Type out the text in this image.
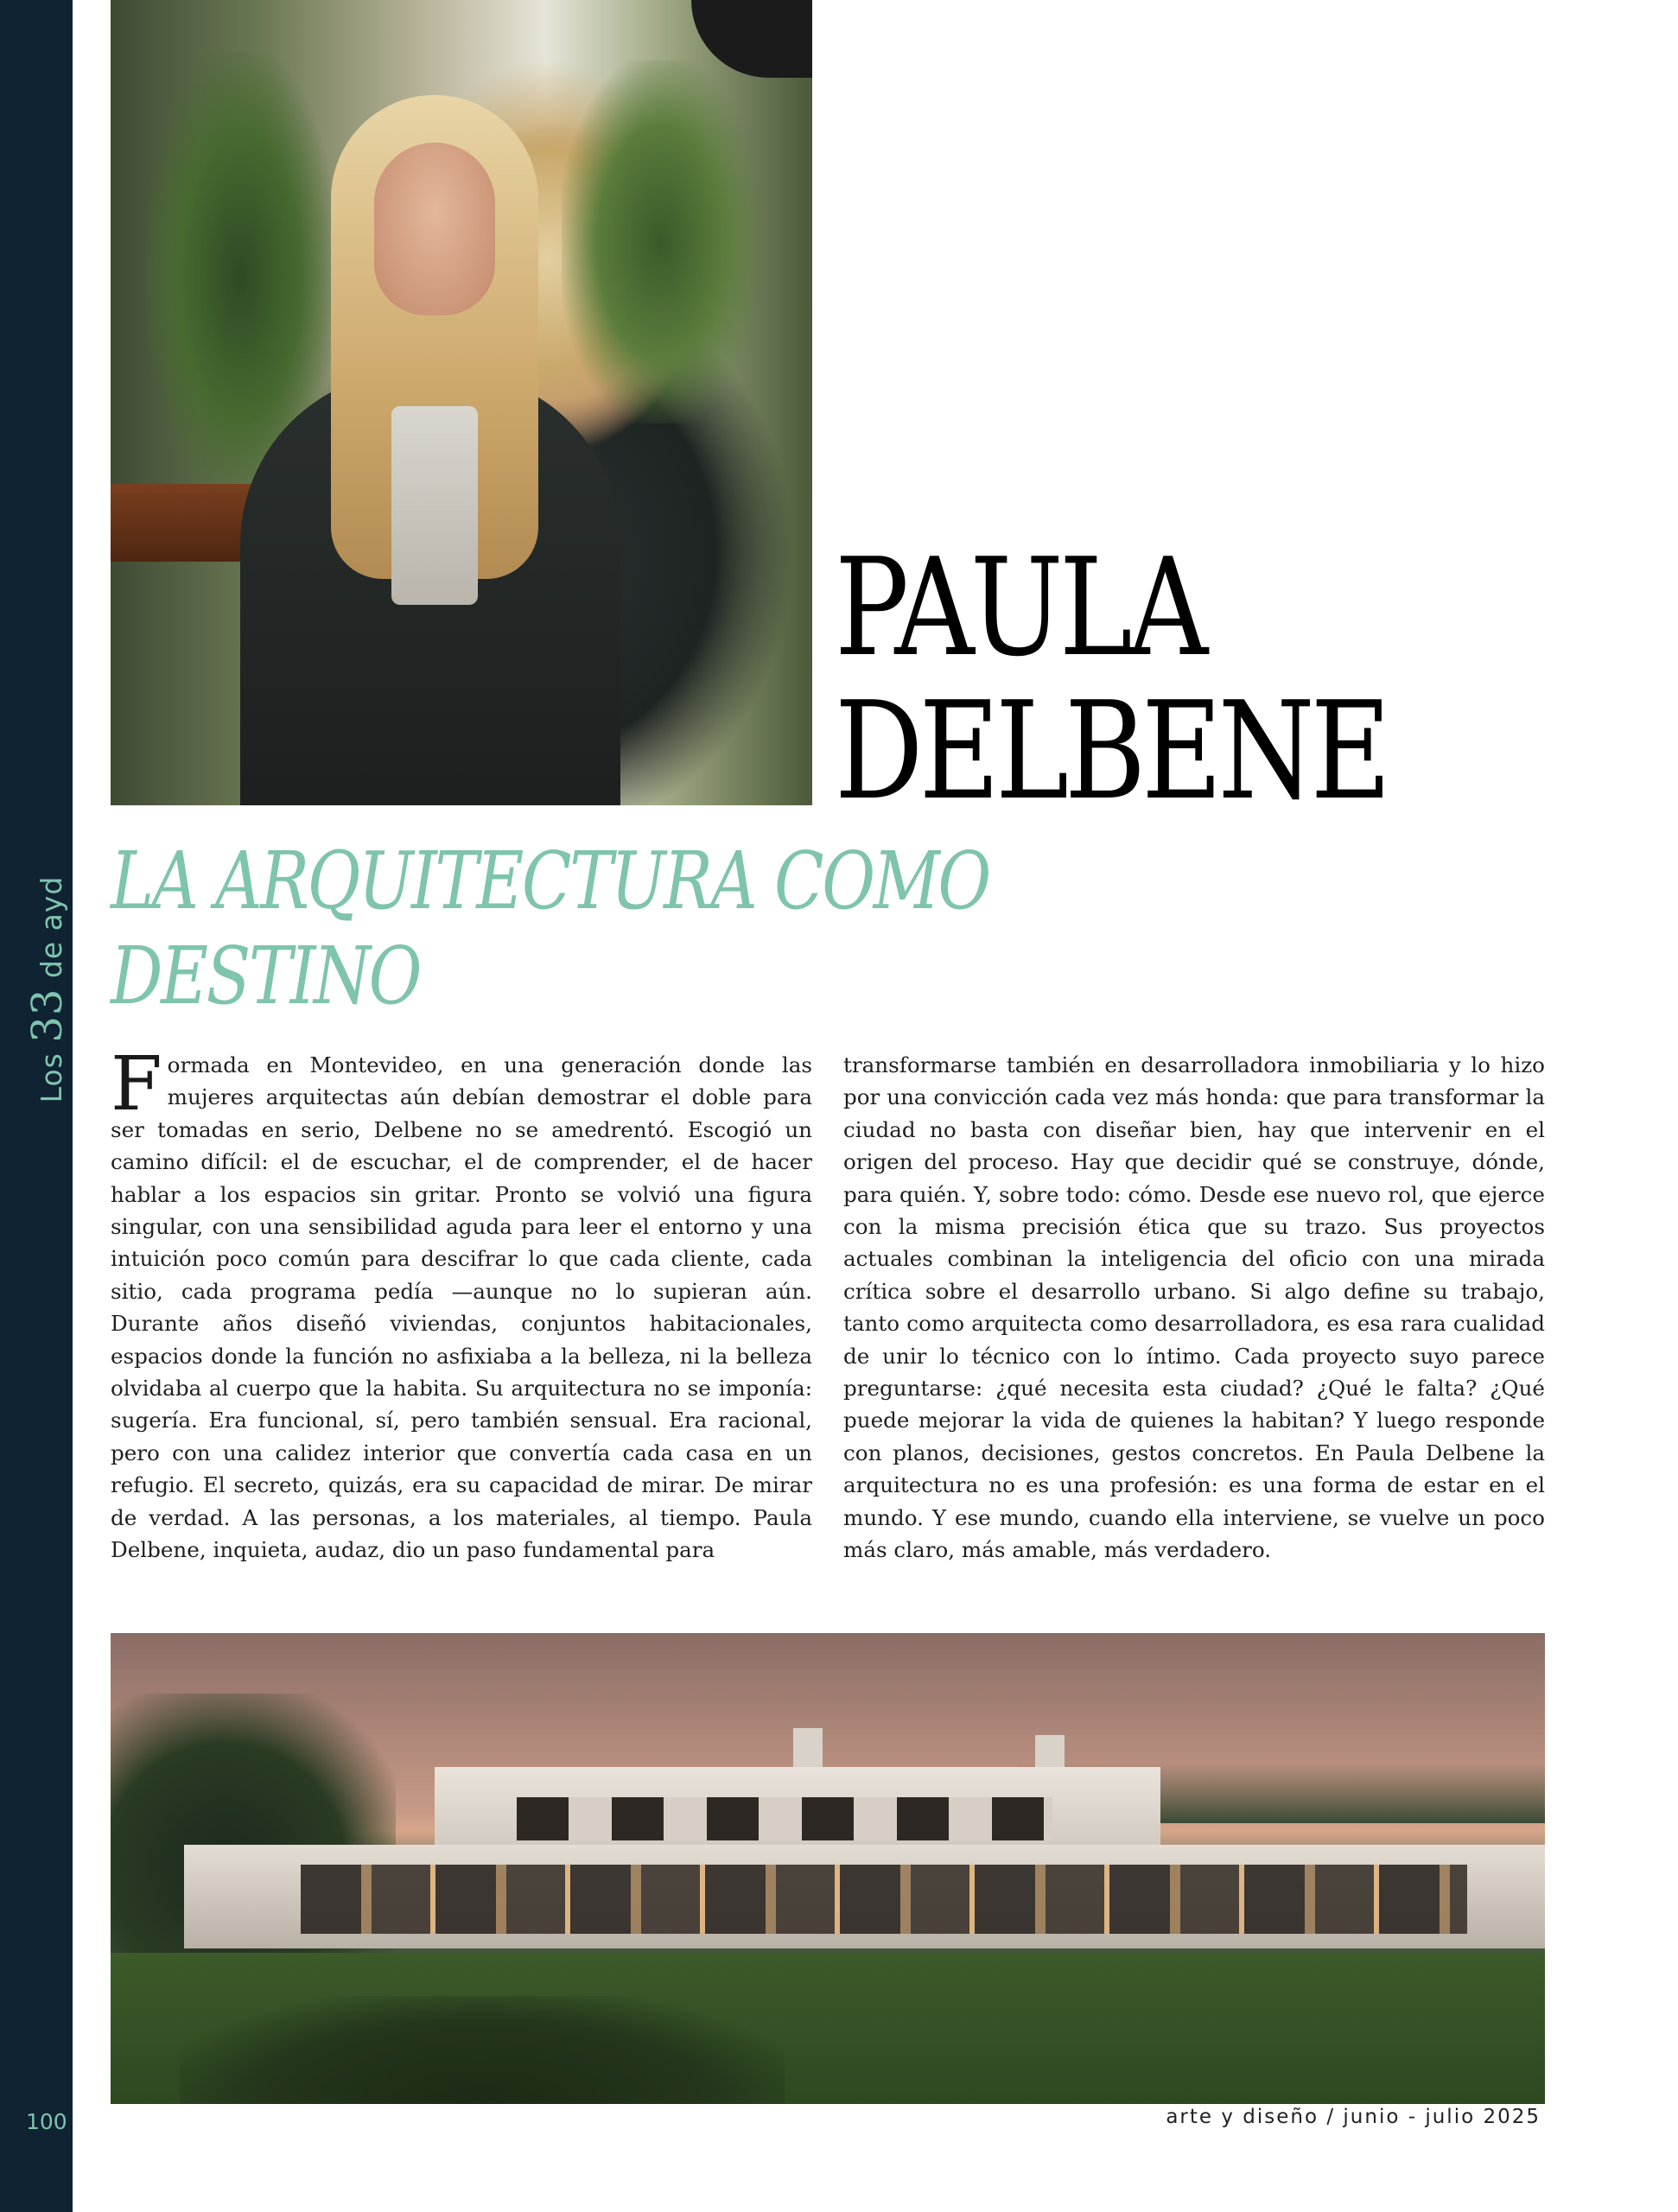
Los 33 de ayd
100
PAULA
DELBENE
LA ARQUITECTURA COMO
DESTINO

Formada en Montevideo, en una generación donde las mujeres arquitectas aún debían demostrar el doble para ser tomadas en serio, Delbene no se amedrentó. Escogió un camino difícil: el de escuchar, el de comprender, el de hacer hablar a los espacios sin gritar. Pronto se volvió una figura singular, con una sensibilidad aguda para leer el entorno y una intuición poco común para descifrar lo que cada cliente, cada sitio, cada programa pedía —aunque no lo supieran aún. Durante años diseñó viviendas, conjuntos habitacionales, espacios donde la función no asfixiaba a la belleza, ni la belleza olvidaba al cuerpo que la habita. Su arquitectura no se imponía: sugería. Era funcional, sí, pero también sensual. Era racional, pero con una calidez interior que convertía cada casa en un refugio. El secreto, quizás, era su capacidad de mirar. De mirar de verdad. A las personas, a los materiales, al tiempo. Paula Delbene, inquieta, audaz, dio un paso fundamental para

transformarse también en desarrolladora inmobiliaria y lo hizo por una convicción cada vez más honda: que para transformar la ciudad no basta con diseñar bien, hay que intervenir en el origen del proceso. Hay que decidir qué se construye, dónde, para quién. Y, sobre todo: cómo. Desde ese nuevo rol, que ejerce con la misma precisión ética que su trazo. Sus proyectos actuales combinan la inteligencia del oficio con una mirada crítica sobre el desarrollo urbano. Si algo define su trabajo, tanto como arquitecta como desarrolladora, es esa rara cualidad de unir lo técnico con lo íntimo. Cada proyecto suyo parece preguntarse: ¿qué necesita esta ciudad? ¿Qué le falta? ¿Qué puede mejorar la vida de quienes la habitan? Y luego responde con planos, decisiones, gestos concretos. En Paula Delbene la arquitectura no es una profesión: es una forma de estar en el mundo. Y ese mundo, cuando ella interviene, se vuelve un poco más claro, más amable, más verdadero.

arte y diseño / junio - julio 2025
